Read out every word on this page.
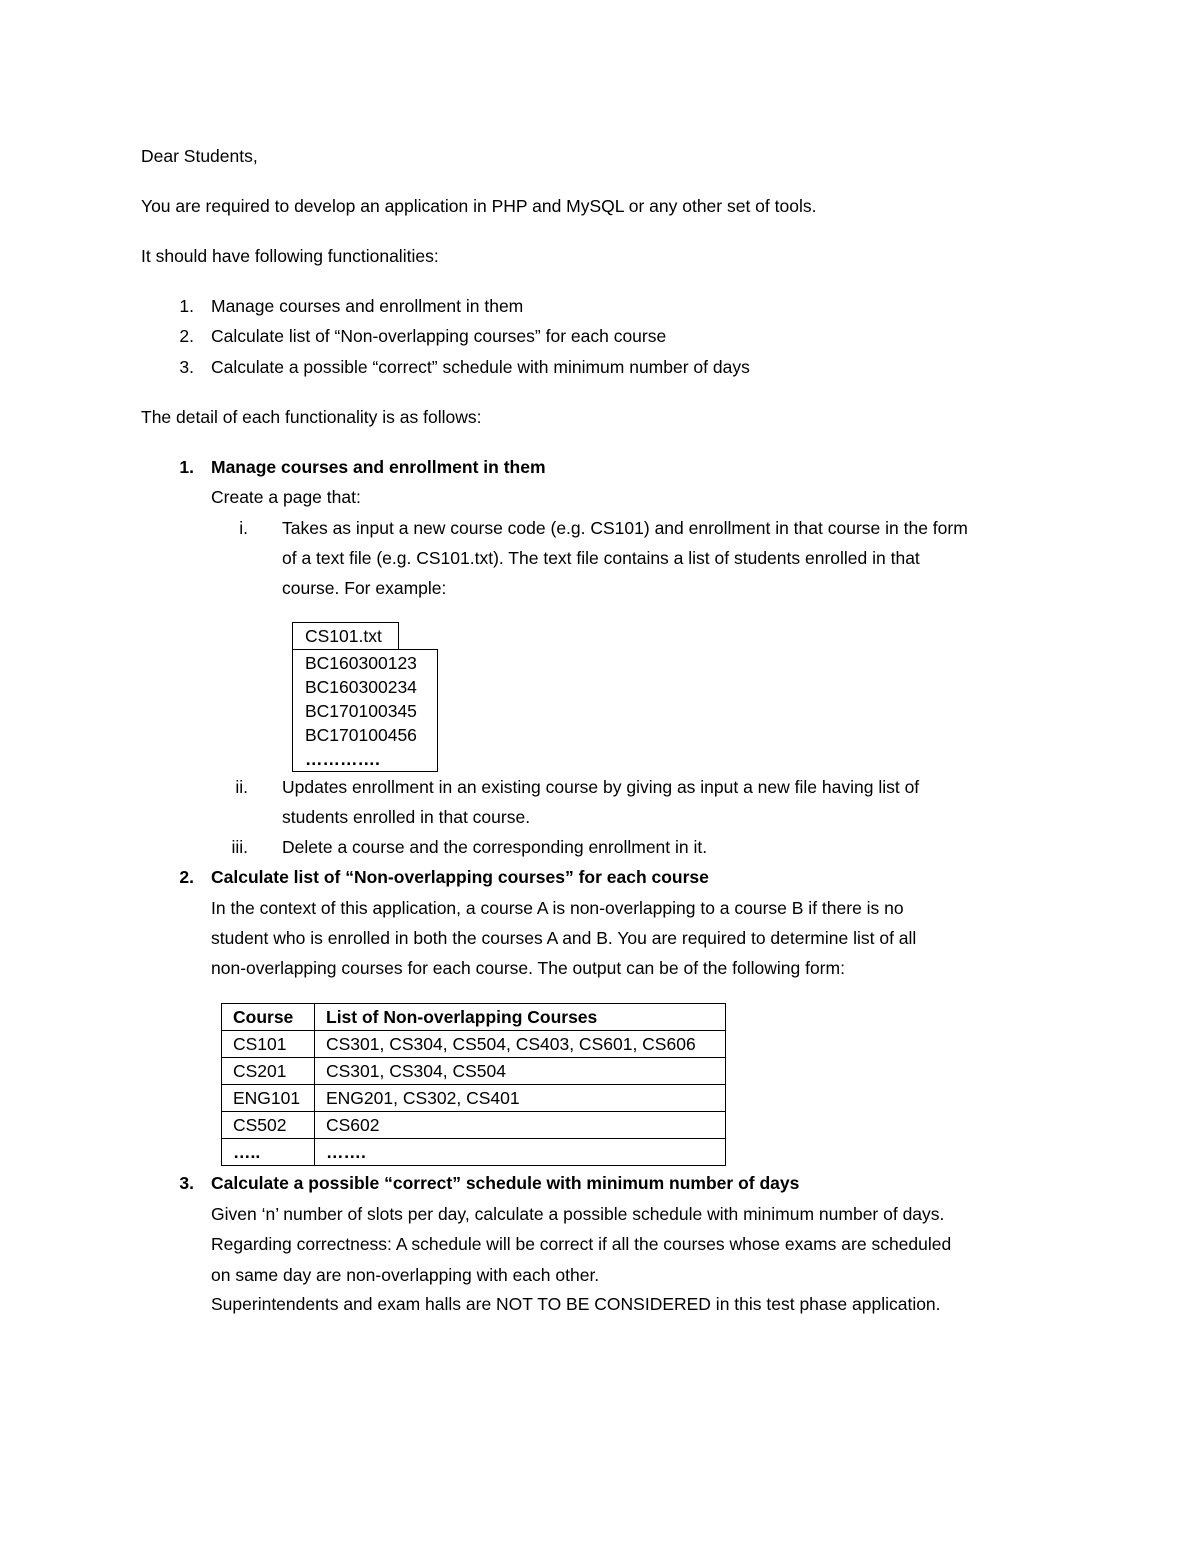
Dear Students,
You are required to develop an application in PHP and MySQL or any other set of tools.
It should have following functionalities:
1. Manage courses and enrollment in them
2. Calculate list of “Non-overlapping courses” for each course
3. Calculate a possible “correct” schedule with minimum number of days
The detail of each functionality is as follows:
1. Manage courses and enrollment in them
Create a page that:
i. Takes as input a new course code (e.g. CS101) and enrollment in that course in the form
of a text file (e.g. CS101.txt). The text file contains a list of students enrolled in that
course. For example:
CS101.txt
BC160300123
BC160300234
BC170100345
BC170100456
………….
ii. Updates enrollment in an existing course by giving as input a new file having list of
students enrolled in that course.
iii. Delete a course and the corresponding enrollment in it.
2. Calculate list of “Non-overlapping courses” for each course
In the context of this application, a course A is non-overlapping to a course B if there is no
student who is enrolled in both the courses A and B. You are required to determine list of all
non-overlapping courses for each course. The output can be of the following form:
Course	List of Non-overlapping Courses
CS101	CS301, CS304, CS504, CS403, CS601, CS606
CS201	CS301, CS304, CS504
ENG101	ENG201, CS302, CS401
CS502	CS602
…..	…….
3. Calculate a possible “correct” schedule with minimum number of days
Given ‘n’ number of slots per day, calculate a possible schedule with minimum number of days.
Regarding correctness: A schedule will be correct if all the courses whose exams are scheduled
on same day are non-overlapping with each other.
Superintendents and exam halls are NOT TO BE CONSIDERED in this test phase application.
